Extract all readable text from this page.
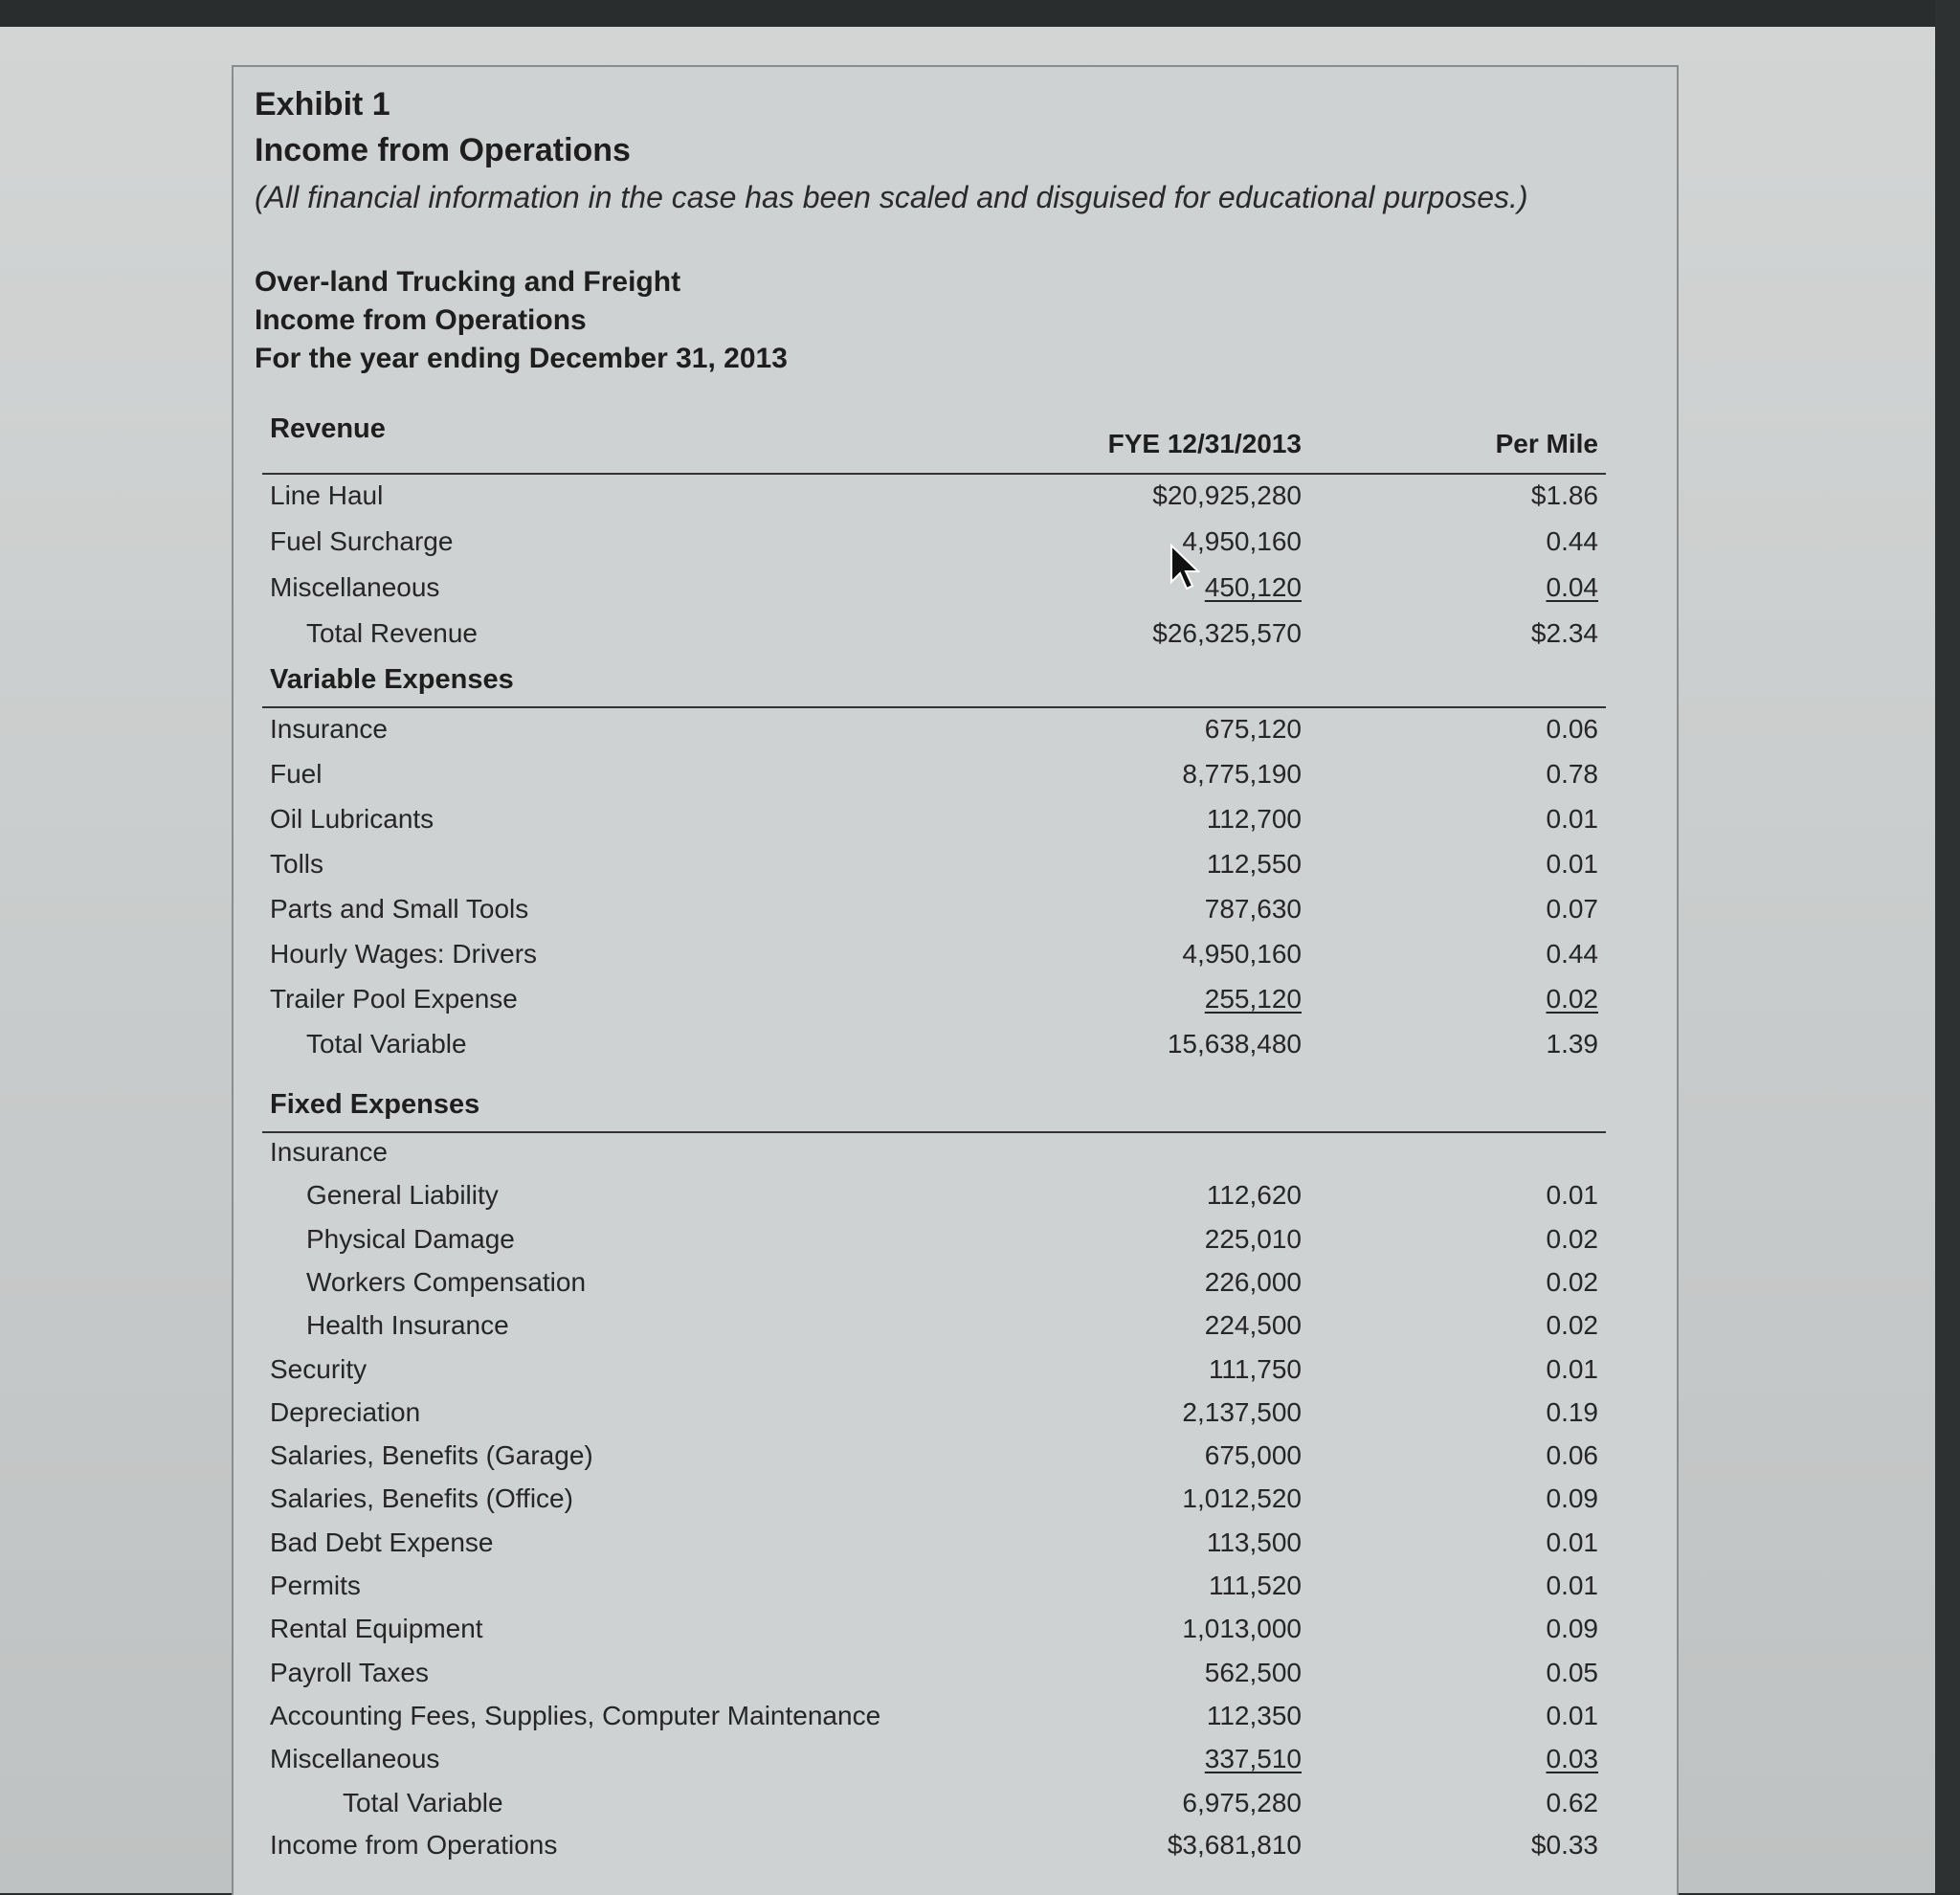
Exhibit 1
Income from Operations
(All financial information in the case has been scaled and disguised for educational purposes.)
Over-land Trucking and Freight
Income from Operations
For the year ending December 31, 2013
Revenue	FYE 12/31/2013	Per Mile
Line Haul	$20,925,280	$1.86
Fuel Surcharge	4,950,160	0.44
Miscellaneous	450,120	0.04
Total Revenue	$26,325,570	$2.34
Variable Expenses
Insurance	675,120	0.06
Fuel	8,775,190	0.78
Oil Lubricants	112,700	0.01
Tolls	112,550	0.01
Parts and Small Tools	787,630	0.07
Hourly Wages: Drivers	4,950,160	0.44
Trailer Pool Expense	255,120	0.02
Total Variable	15,638,480	1.39
Fixed Expenses
Insurance
General Liability	112,620	0.01
Physical Damage	225,010	0.02
Workers Compensation	226,000	0.02
Health Insurance	224,500	0.02
Security	111,750	0.01
Depreciation	2,137,500	0.19
Salaries, Benefits (Garage)	675,000	0.06
Salaries, Benefits (Office)	1,012,520	0.09
Bad Debt Expense	113,500	0.01
Permits	111,520	0.01
Rental Equipment	1,013,000	0.09
Payroll Taxes	562,500	0.05
Accounting Fees, Supplies, Computer Maintenance	112,350	0.01
Miscellaneous	337,510	0.03
Total Variable	6,975,280	0.62
Income from Operations	$3,681,810	$0.33
